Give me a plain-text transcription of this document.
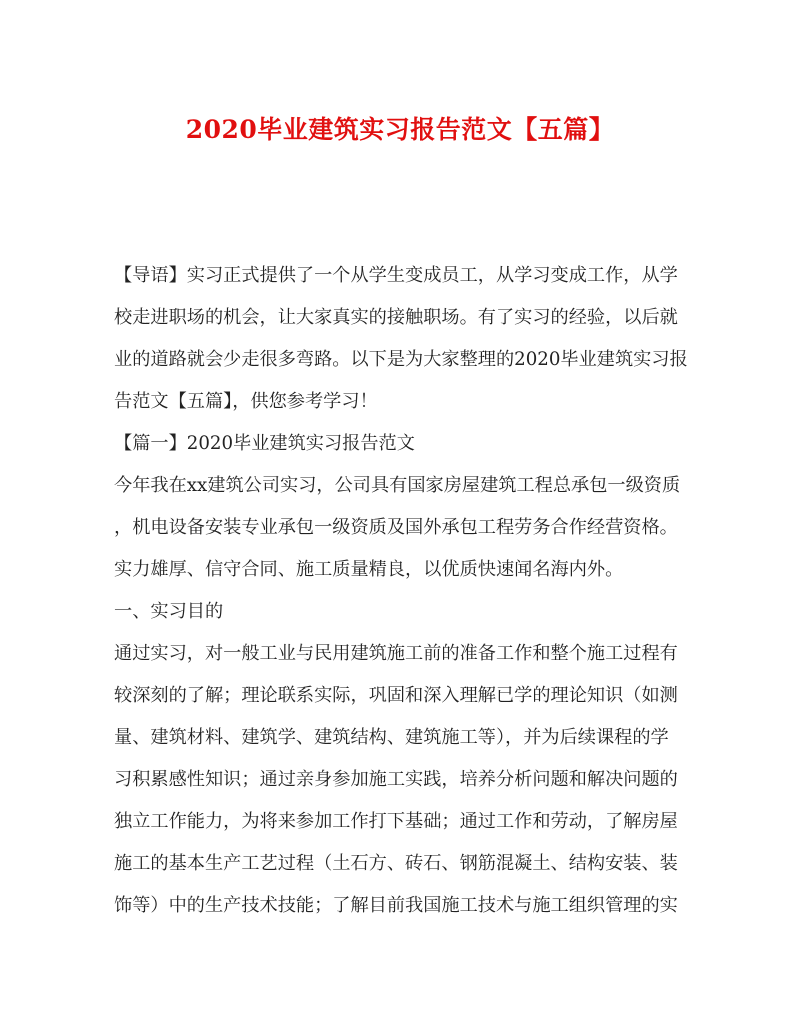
2020毕业建筑实习报告范文【五篇】
【导语】实习正式提供了一个从学生变成员工，从学习变成工作，从学
校走进职场的机会，让大家真实的接触职场。有了实习的经验，以后就
业的道路就会少走很多弯路。以下是为大家整理的2020毕业建筑实习报
告范文【五篇】，供您参考学习！
【篇一】2020毕业建筑实习报告范文
今年我在xx建筑公司实习，公司具有国家房屋建筑工程总承包一级资质
，机电设备安装专业承包一级资质及国外承包工程劳务合作经营资格。
实力雄厚、信守合同、施工质量精良，以优质快速闻名海内外。
一、实习目的
通过实习，对一般工业与民用建筑施工前的准备工作和整个施工过程有
较深刻的了解；理论联系实际，巩固和深入理解已学的理论知识（如测
量、建筑材料、建筑学、建筑结构、建筑施工等），并为后续课程的学
习积累感性知识；通过亲身参加施工实践，培养分析问题和解决问题的
独立工作能力，为将来参加工作打下基础；通过工作和劳动，了解房屋
施工的基本生产工艺过程（土石方、砖石、钢筋混凝土、结构安装、装
饰等）中的生产技术技能；了解目前我国施工技术与施工组织管理的实
